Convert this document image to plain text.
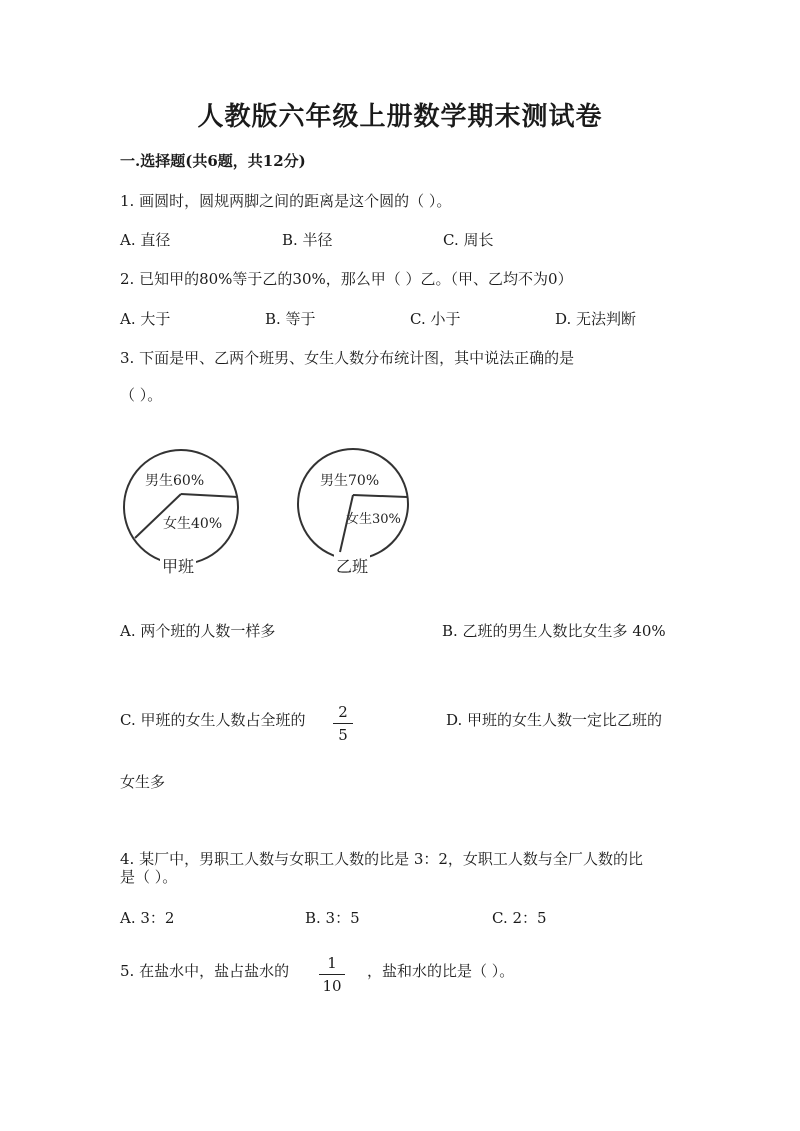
人教版六年级上册数学期末测试卷
一.选择题(共6题，共12分)
1. 画圆时，圆规两脚之间的距离是这个圆的（ ）。
A. 直径	B. 半径	C. 周长
2. 已知甲的80%等于乙的30%，那么甲（ ）乙。（甲、乙均不为0）
A. 大于	B. 等于	C. 小于	D. 无法判断
3. 下面是甲、乙两个班男、女生人数分布统计图，其中说法正确的是
（ ）。
男生60%
女生40%
甲班
男生70%
女生30%
乙班
A. 两个班的人数一样多	B. 乙班的男生人数比女生多 40%
C. 甲班的女生人数占全班的	2
5
D. 甲班的女生人数一定比乙班的
女生多
4. 某厂中，男职工人数与女职工人数的比是 3：2，女职工人数与全厂人数的比
是（ ）。
A. 3：2	B. 3：5	C. 2：5
5. 在盐水中，盐占盐水的	1
10
，盐和水的比是（ ）。
